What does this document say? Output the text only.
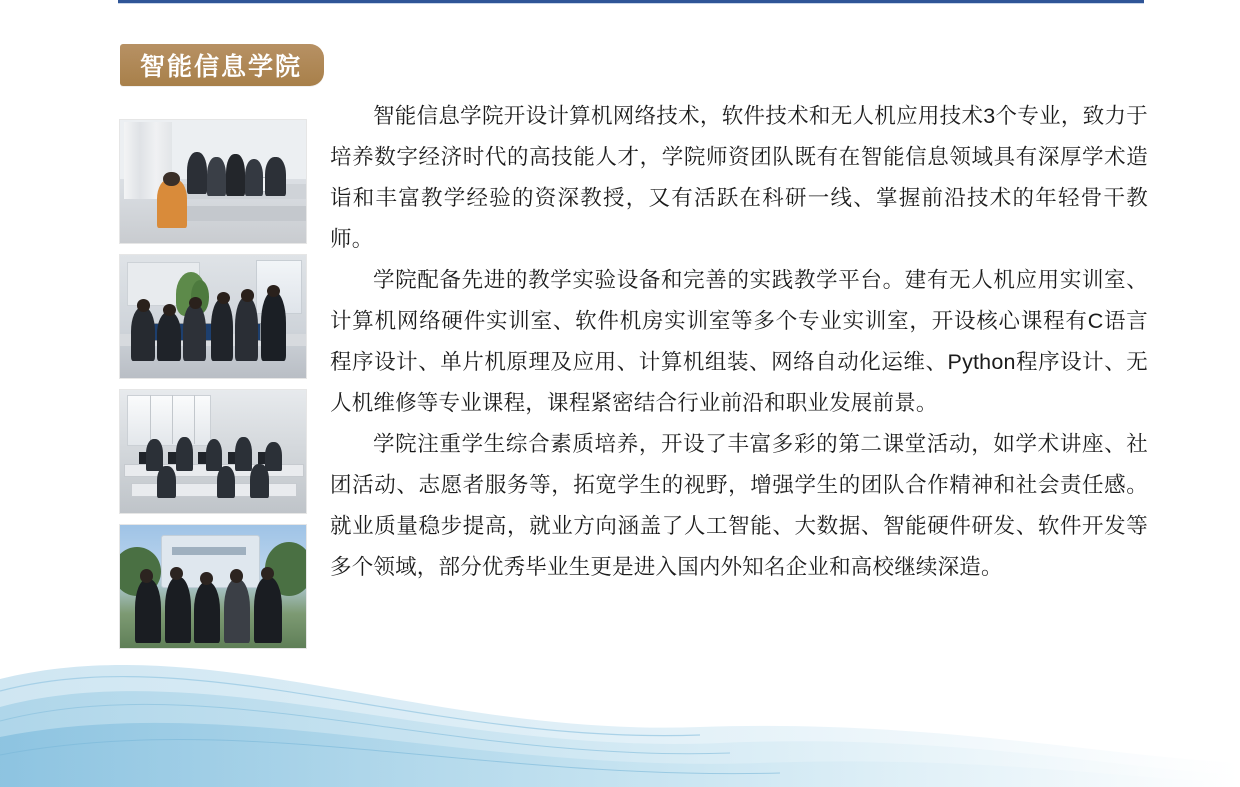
智能信息学院

智能信息学院开设计算机网络技术，软件技术和无人机应用技术3个专业，致力于培养数字经济时代的高技能人才，学院师资团队既有在智能信息领域具有深厚学术造诣和丰富教学经验的资深教授，又有活跃在科研一线、掌握前沿技术的年轻骨干教师。

学院配备先进的教学实验设备和完善的实践教学平台。建有无人机应用实训室、计算机网络硬件实训室、软件机房实训室等多个专业实训室，开设核心课程有C语言程序设计、单片机原理及应用、计算机组装、网络自动化运维、Python程序设计、无人机维修等专业课程，课程紧密结合行业前沿和职业发展前景。

学院注重学生综合素质培养，开设了丰富多彩的第二课堂活动，如学术讲座、社团活动、志愿者服务等，拓宽学生的视野，增强学生的团队合作精神和社会责任感。就业质量稳步提高，就业方向涵盖了人工智能、大数据、智能硬件研发、软件开发等多个领域，部分优秀毕业生更是进入国内外知名企业和高校继续深造。
